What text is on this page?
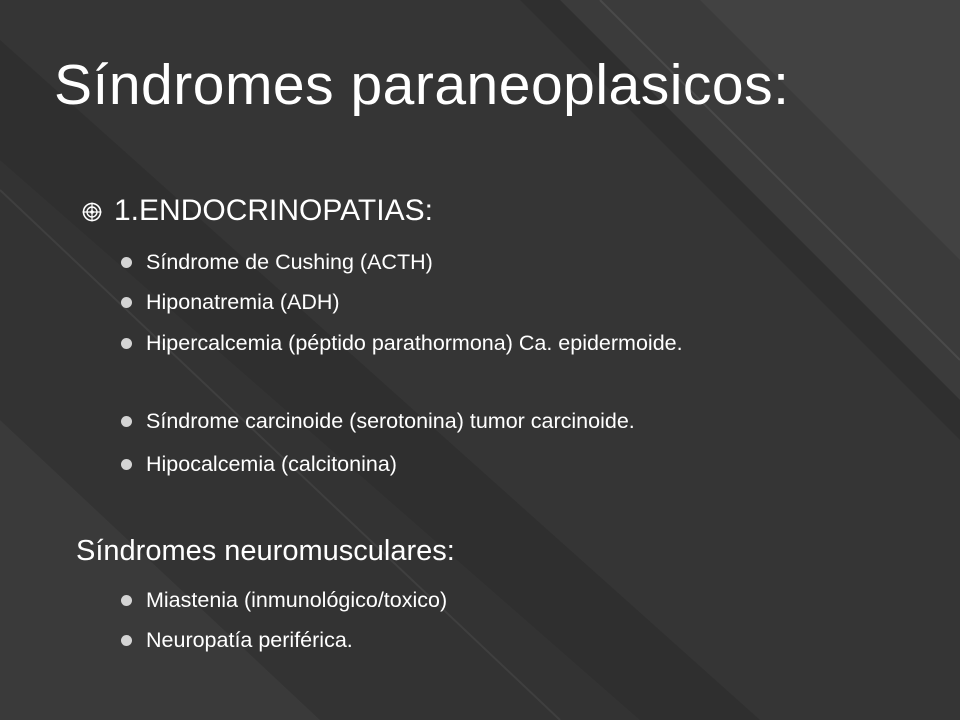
Síndromes paraneoplasicos:
1.ENDOCRINOPATIAS:
Síndrome de Cushing (ACTH)
Hiponatremia (ADH)
Hipercalcemia (péptido parathormona) Ca. epidermoide.
Síndrome carcinoide (serotonina) tumor carcinoide.
Hipocalcemia (calcitonina)
Síndromes neuromusculares:
Miastenia (inmunológico/toxico)
Neuropatía periférica.
